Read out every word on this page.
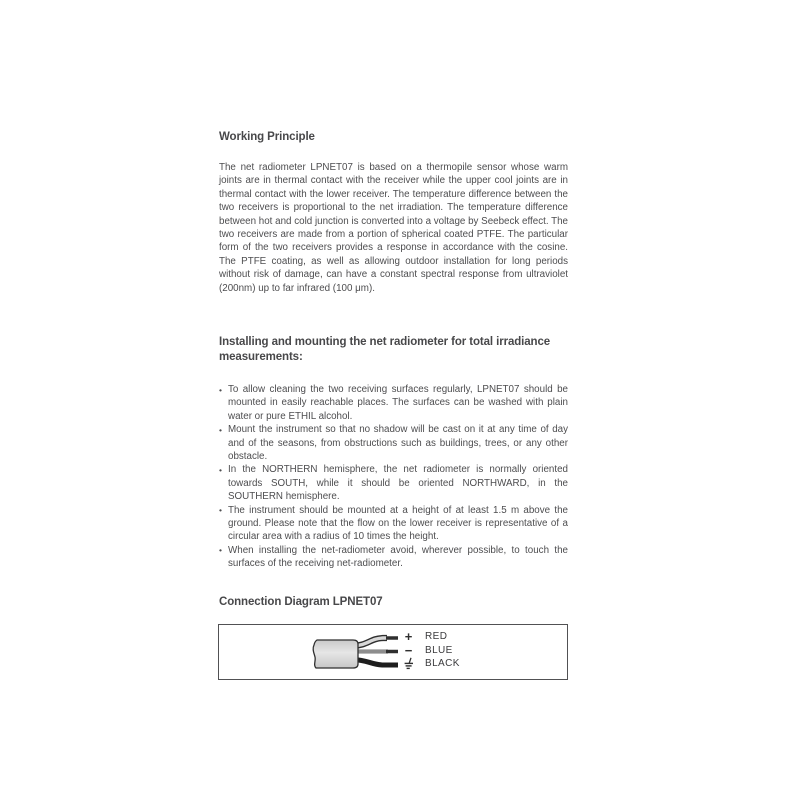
Working Principle

The net radiometer LPNET07 is based on a thermopile sensor whose warm joints are in thermal contact with the receiver while the upper cool joints are in thermal contact with the lower receiver. The temperature difference between the two receivers is proportional to the net irradiation. The temperature difference between hot and cold junction is converted into a voltage by Seebeck effect. The two receivers are made from a portion of spherical coated PTFE. The particular form of the two receivers provides a response in accordance with the cosine. The PTFE coating, as well as allowing outdoor installation for long periods without risk of damage, can have a constant spectral response from ultraviolet (200nm) up to far infrared (100 μm).

Installing and mounting the net radiometer for total irradiance measurements:
• To allow cleaning the two receiving surfaces regularly, LPNET07 should be mounted in easily reachable places. The surfaces can be washed with plain water or pure ETHIL alcohol.
• Mount the instrument so that no shadow will be cast on it at any time of day and of the seasons, from obstructions such as buildings, trees, or any other obstacle.
• In the NORTHERN hemisphere, the net radiometer is normally oriented towards SOUTH, while it should be oriented NORTHWARD, in the SOUTHERN hemisphere.
• The instrument should be mounted at a height of at least 1.5 m above the ground. Please note that the flow on the lower receiver is representative of a circular area with a radius of 10 times the height.
• When installing the net-radiometer avoid, wherever possible, to touch the surfaces of the receiving net-radiometer.
Connection Diagram LPNET07
+	RED
−	BLUE
BLACK
